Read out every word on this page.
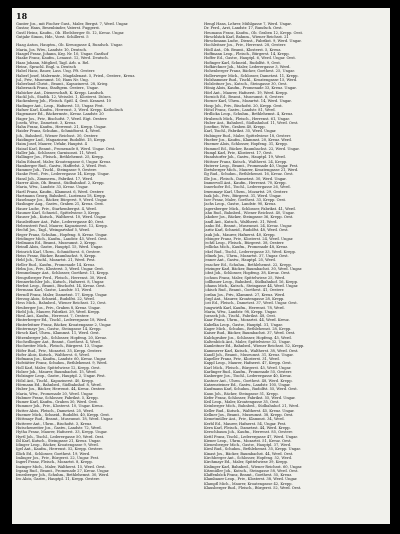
18
Gunter Jos., mit Fischer Gust., Maler, Bergst. 7, Werd. Ungar.
Gustav, Hans, Besenbinder, Vaterst. Fuggerst.
Gustl Heinz, Kaufm., Ob. Ebelsberger St. 12, Kreuz. Ungar.
Gutjahr Simon, Hdr., Vorst. Schillerst. 5

Haag Anton, Hauptm., Ob. Kreuzgasse 4, Rundsch. Ungar.
Maria, Jos. Wtw., Landstr. 10, Deutsch.
Haagel Franz, Johann, Krg. Nr. 10, Ungar. Gasthof
Haake Franz, Kaufm., Lenaust. 12, Werd. Deutsch.
Haas Johann, Mitglied, Tagl. Arb. u. Rel.
Heinr., Sprachl. Engl. u. Deutsch
Habel Hans, Bauer, Lass. Ung. Pft. Oesterr.
Haberl Josef, Malermstr., Magdalenast. 5, Fried., Oesterr., Kreuz.
Jul., Priv., Museumst. 10, Hans Nr. Ung.
Haberland Christ., Beamt., Kapuzinerst. 28, Krieg.
Habersack Franz, Stadtgem. Oesterr., Ungar.
Habicher Ant., Dienerschaft, K. Krepp. Landsch.
Hackl Joh., Stadtk. 12, Weisslst. 1, Klosterst. Diözes.
Hackenberg Joh., Fleisch. Spitl. 4, Oest. Kranzst. 10
Hadinger Ant., Leop., Hafnerst. 15, Ungar. Fest.
Hafner Karl, Kaufm., Herrenst. 3, Werd. Krepp. Katholisch
Hagenauer Ed., Bäckermstr., Kreuz. Landstr. 20
Hager Jos., Priv., Bischofst. 7, Werd. Eigt. Oesterr.
Josefa, Wtw., Dametzst. 3, Kreuz.
Hahn Franz, Kaufm., Herrenst. 21, Krepp. Ungar.
Haider Franz, Schuhm., Schmidtorst. 4, Werd.
Joh., Bahnbed., Wiener Reichsst. 30, Oesterr.
Haidinger Lud., Magazineur, Rudolfst. 15, Krepp.
Haim Josef, Maurer, Urfahr, Hauptst. 4
Hainzl Karl, Beamt., Promenade 8, Werd. Ungar. Oest.
Haller Jak., Schlosser, Garnisonst. 11, Werd.
Hallinger Jos., Fleisch., Bethlehemst. 25, Krepp.
Halm Eduard, Maler, Kroatengasse 6, Ungar. Kreuz.
Hamberger Rud., Gastw., Hafferlst. 2, Werd. Fest.
Hammer Joh., Tischl., Steingasse 9, Oesterr.
Hanke Ferd., Priv., Lederergasse 14, Krepp. Ungar.
Hansl Joh., Zimmerm., Fabrikst. 17, Werd.
Harrer Alois, Ob. Beamt., Südbahnhof. 2, Krepp.
Maria, Wtw., Landstr. 33, Kreuz. Ungar.
Hartl Franz, Kaufm., Klammst. 6, Werd. Oesterr.
Hartmann Georg, Bahnbed., Lustenau 18, Krepp.
Haselmayr Jos., Bäcker, Bürgerst. 9, Werd. Ungar.
Haslinger Aug., Gastw., Graben 21, Kreuz. Oest.
Hauer Ludw., Priv., Starhembergst. 4, Werd.
Haumer Karl, Schneid., Spittelwiese 3, Krepp.
Hauser Joh., Kutsch., Waltherst. 10, Werd. Ungar.
Hausleithner Ant., Fabr., Lederergasse 40, Oest.
Hebenstreit Paul, Maurer, Kapuzinerst. 12, Krepp.
Hechtl Jos., Tagl., Weingartshof 5, Werd.
Heger Franz, Schuhm., Hopfeng. 8, Kreuz. Ungar.
Heidinger Mich., Kaufm., Landstr. 45, Werd. Oest.
Heilmann Ed., Beamt., Museumst. 2, Krepp.
Heindl Alois, Gastw., Hauptpl. 15, Werd. Ungar.
Heinrich Karl, Uhrm., Schmidtorst. 6, Oesterr.
Heiss Franz, Bäcker, Baumbachst. 9, Krepp.
Held Joh., Tischl., Mozartst. 21, Werd. Fest.
Heller Rud., Kaufm., Promenade 14, Kreuz.
Helm Jos., Priv., Klosterst. 3, Werd. Ungar. Oest.
Hemmelmayr Ant., Schlosser, Goethest. 11, Krepp.
Hengstberger Ferd., Fleisch., Herrenst. 30, Werd.
Hennerbichler Joh., Kutsch., Hafnerst. 8, Ungar.
Herbst Leop., Beamt., Bischofst. 14, Kreuz. Oest.
Hermann Karl, Gastw., Landstr. 51, Werd.
Herndl Franz, Maler, Dametzst. 17, Krepp. Ungar.
Herzog Alois, Schneid., Rudolfst. 22, Werd.
Hess Mich., Bahnbed., Wiener Reichsst. 12, Oest.
Heuberger Jos., Priv., Graben 8, Kreuz. Ungar.
Hiebl Joh., Maurer, Fabrikst. 29, Werd. Krepp.
Hiesl Ant., Kaufm., Herrenst. 7, Oesterr.
Hinterberger Ed., Tischl., Lederergasse 18, Werd.
Hinterleitner Franz, Bäcker, Kroatengasse 2, Ungar.
Hintermayr Jos., Gastw., Steingasse 14, Krepp.
Hirsch Karl, Uhrm., Klammst. 11, Werd. Oest.
Hitzenberger Joh., Schlosser, Hopfeng. 20, Kreuz.
Hochedlinger Ant., Beamt., Goethest. 4, Werd.
Hochreiter Mich., Fleisch., Bürgerst. 13, Ungar.
Höfer Rud., Priv., Mozartst. 35, Krepp. Oesterr.
Hofer Alois, Kutsch., Waltherst. 6, Werd.
Hofmann Jos., Kaufm., Landstr. 60, Kreuz. Ungar.
Hofstätter Franz, Schuhm., Bethlehemst. 9, Werd.
Holl Karl, Maler, Spittelwiese 12, Krepp. Oest.
Holzer Joh., Maurer, Baumbachst. 15, Werd.
Holzinger Leop., Gastw., Hauptpl. 2, Ungar. Fest.
Hölzl Ant., Tischl., Kapuzinerst. 40, Krepp.
Hörmann Ed., Bahnbed., Südbahnhof. 8, Werd.
Huber Jos., Bäcker, Herrenst. 44, Kreuz. Oesterr.
Maria, Wtw., Promenade 20, Werd. Ungar.
Hubmer Franz, Schlosser, Fabrikst. 5, Krepp.
Humer Karl, Kaufm., Graben 30, Werd. Oest.
Hummer Joh., Priv., Klosterst. 10, Ungar. Kreuz.
Hutter Alois, Fleisch., Dametzst. 25, Werd.
Huemer Mich., Schneid., Rudolfst. 40, Krepp. Oest.
Hüttmayr Rud., Beamt., Museumst. 18, Werd. Ungar.
Hutterer Ant., Uhrm., Bischofst. 3, Kreuz.
Hutschenreiter Jos., Gastw., Landstr. 72, Werd.
Hytha Franz, Maurer, Hafnerst. 33, Krepp. Ungar.
Hyrtl Joh., Tischl., Lederergasse 50, Werd. Oest.
Ibl Karl, Kutsch., Steingasse 21, Kreuz. Ungar.
Idinger Leop., Bäcker, Kroatengasse 9, Werd.
Igel Ant., Kaufm., Herrenst. 52, Krepp. Oesterr.
Illich Ed., Schlosser, Goethest. 19, Werd.
Imlinger Jos., Priv., Bürgerst. 22, Ungar. Fest.
Ingerl Franz, Fleisch., Mozartst. 8, Krepp.
Inzinger Mich., Maler, Waltherst. 15, Werd. Oest.
Irgang Rud., Beamt., Promenade 27, Kreuz. Ungar.
Irnesberger Joh., Schuhm., Bethlehemst. 30, Werd.
Iro Alois, Gastw., Hauptpl. 11, Krepp. Oesterr.
Hengl Hans, Lehrer, Mühlgasse 7, Werd. Ungar.
Dr. Ferd., Arzt, Landstr. 17, Rundsch. Oest.
Heumann Franz, Kaufm., Ob. Graben 12, Krepp. Oest.
Hirschbäck Karl, Bahnm., Wiener Reichsst. 21
Hirschmann Ludw., Dienst., Fabrikst. 9, Werd. Ungar.
Hochleitner Jos., Priv., Herrenst. 28, Oesterr.
Hödl Ant., Ob. Beamt., Klosterst. 5, Kreuz.
Hoffmann Leop., Fleisch., Bürgerst. 14, Krepp.
Hoffer Ed., Gastw., Hauptpl. 6, Werd. Ungar. Oest.
Hofinger Karl, Schneid., Rudolfst. 9, Oest.
Hofkirchner Joh., Maler, Lederergasse 3, Werd.
Hohenberger Franz, Bäcker, Goethest. 25, Ungar.
Hollerweger Mich., Schlosser, Dametzst. 11, Krepp.
Holzhammer Rud., Tischl., Kroatengasse 15, Werd.
Holzleitner Jos., Kutsch., Steingasse 30, Oest.
Hönig Alois, Kaufm., Promenade 33, Kreuz. Ungar.
Hörl Ant., Maurer, Hafnerst. 19, Werd. Krepp.
Hornich Ed., Beamt., Museumst. 6, Oesterr.
Horner Karl, Uhrm., Mozartst. 14, Werd. Ungar.
Hosp Joh., Priv., Bischofst. 20, Krepp. Oest.
Hötzl Franz, Gastw., Landstr. 81, Werd.
Hrdlicka Leop., Schuhm., Bethlehemst. 4, Kreuz.
Hrubesch Mich., Fleisch., Herrenst. 61, Ungar.
Huber Ant., Bahnbed., Südbahnhof. 11, Werd. Oest.
Josefine, Wtw., Graben 40, Krepp.
Karl, Tischl., Fabrikst. 35, Werd. Ungar.
Hubinger Rud., Maler, Spittelwiese 18, Oesterr.
Hueber Jos., Kaufm., Klammst. 20, Kreuz. Werd.
Huemer Alois, Schlosser, Hopfeng. 31, Krepp.
Hummel Ed., Bäcker, Baumbachst. 22, Werd. Ungar.
Humpl Karl, Priv., Klosterst. 17, Oest.
Hundstorfer Joh., Gastw., Hauptpl. 19, Werd.
Hüttner Franz, Kutsch., Waltherst. 24, Krepp.
Huterer Leop., Beamt., Promenade 40, Ungar. Fest.
Ibetsberger Mich., Maurer, Kroatengasse 21, Werd.
Ilg Rud., Schuhm., Bethlehemst. 16, Kreuz. Oest.
Ille Jos., Fleisch., Dametzst. 30, Werd. Ungar.
Immervoll Ant., Kaufm., Herrenst. 70, Krepp.
Innerhofer Ed., Tischl., Lederergasse 26, Werd.
Irxenmayr Karl, Uhrm., Mozartst. 29, Oesterr.
Isak Joh., Priv., Bürgerst. 31, Werd. Ungar.
Iser Franz, Maler, Goethest. 33, Krepp. Oest.
Jachs Leop., Gastw., Landstr. 90, Kreuz.
Jagersberger Mich., Schlosser, Fabrikst. 41, Werd.
Jahn Rud., Bahnbed., Wiener Reichsst. 40, Ungar.
Jakober Jos., Bäcker, Steingasse 36, Krepp. Oest.
Jandl Ant., Kutsch., Waltherst. 31, Werd.
Janko Ed., Beamt., Museumst. 24, Kreuz. Ungar.
Jaritz Karl, Schneid., Rudolfst. 48, Werd. Oest.
Jauk Joh., Maurer, Hafnerst. 40, Krepp.
Jebinger Franz, Priv., Klosterst. 24, Werd. Ungar.
Jechtl Leop., Fleisch., Bürgerst. 38, Oesterr.
Jedlicka Mich., Kaufm., Promenade 48, Kreuz.
Jekel Rud., Tischl., Lederergasse 33, Werd. Krepp.
Jelinek Jos., Uhrm., Mozartst. 37, Ungar. Oest.
Jenner Ant., Gastw., Hauptpl. 25, Werd.
Jesacher Ed., Schuhm., Bethlehemst. 22, Krepp.
Jetzinger Karl, Bäcker, Baumbachst. 30, Werd. Ungar.
Jobst Joh., Schlosser, Hopfeng. 38, Kreuz. Oest.
Jochum Franz, Maler, Spittelwiese 25, Werd.
Jodlbauer Leop., Bahnbed., Südbahnhof. 16, Krepp.
Johann Mich., Kutsch., Steingasse 44, Werd. Ungar.
Jokisch Rud., Beamt., Goethest. 41, Oesterr.
Jordan Jos., Priv., Klammst. 27, Kreuz. Werd.
Jörgl Ant., Maurer, Kroatengasse 28, Krepp.
Jost Ed., Fleisch., Dametzst. 37, Werd. Ungar. Oest.
Jungwirth Karl, Kaufm., Herrenst. 78, Werd.
Maria, Wtw., Landstr. 98, Krepp. Ungar.
Jurasek Joh., Tischl., Fabrikst. 48, Oest.
Kaar Franz, Uhrm., Mozartst. 44, Werd. Kreuz.
Kabelka Leop., Gastw., Hauptpl. 31, Ungar.
Kager Mich., Schuhm., Bethlehemst. 28, Krepp.
Kaiser Rud., Bäcker, Baumbachst. 37, Werd. Oest.
Kalchgruber Jos., Schlosser, Hopfeng. 45, Werd.
Kaltenböck Ant., Maler, Spittelwiese 32, Ungar.
Kamleitner Ed., Bahnbed., Wiener Reichsst. 52, Krepp.
Kammerer Karl, Kutsch., Waltherst. 38, Werd. Oest.
Kandl Joh., Beamt., Museumst. 31, Kreuz. Ungar.
Kapeller Franz, Priv., Klosterst. 31, Werd.
Kappl Leop., Maurer, Hafnerst. 47, Krepp. Oest.
Karl Mich., Fleisch., Bürgerst. 45, Werd. Ungar.
Karlinger Rud., Kaufm., Promenade 55, Oesterr.
Kasberger Jos., Tischl., Lederergasse 40, Kreuz.
Kastner Ant., Uhrm., Goethest. 48, Werd. Krepp.
Katzensteiner Ed., Gastw., Landstr. 105, Ungar.
Kaufmann Karl, Schuhm., Rudolfst. 55, Werd. Oest.
Kaun Joh., Bäcker, Steingasse 51, Krepp.
Kefer Franz, Schlosser, Fabrikst. 55, Werd. Ungar.
Keil Leop., Maler, Kroatengasse 35, Oest.
Keinberger Mich., Bahnbed., Südbahnhof. 21, Werd.
Keller Rud., Kutsch., Waltherst. 45, Kreuz. Ungar.
Kellner Jos., Beamt., Museumst. 38, Krepp. Oest.
Kemetmüller Ant., Priv., Klammst. 34, Werd.
Kerbl Ed., Maurer, Hafnerst. 54, Ungar. Fest.
Kern Karl, Fleisch., Dametzst. 44, Werd. Krepp.
Kerschbaum Joh., Kaufm., Herrenst. 85, Oesterr.
Kettl Franz, Tischl., Lederergasse 47, Werd. Ungar.
Kiener Leop., Uhrm., Mozartst. 51, Kreuz. Oest.
Kienesberger Mich., Gastw., Hauptpl. 37, Werd.
Kiesl Rud., Schuhm., Bethlehemst. 35, Krepp. Ungar.
Kinast Jos., Bäcker, Baumbachst. 44, Werd. Oest.
Kirchberger Ant., Schlosser, Hopfeng. 52, Werd.
Kirchmayr Ed., Maler, Spittelwiese 39, Krepp.
Kislinger Karl, Bahnbed., Wiener Reichsst. 60, Ungar.
Kitzmüller Joh., Kutsch., Steingasse 58, Werd. Oest.
Klaffenböck Franz, Beamt., Goethest. 55, Kreuz.
Klambauer Leop., Priv., Klosterst. 38, Werd. Ungar.
Klampfl Mich., Maurer, Kroatengasse 42, Krepp.
Klausberger Rud., Fleisch., Bürgerst. 52, Werd. Oest.
